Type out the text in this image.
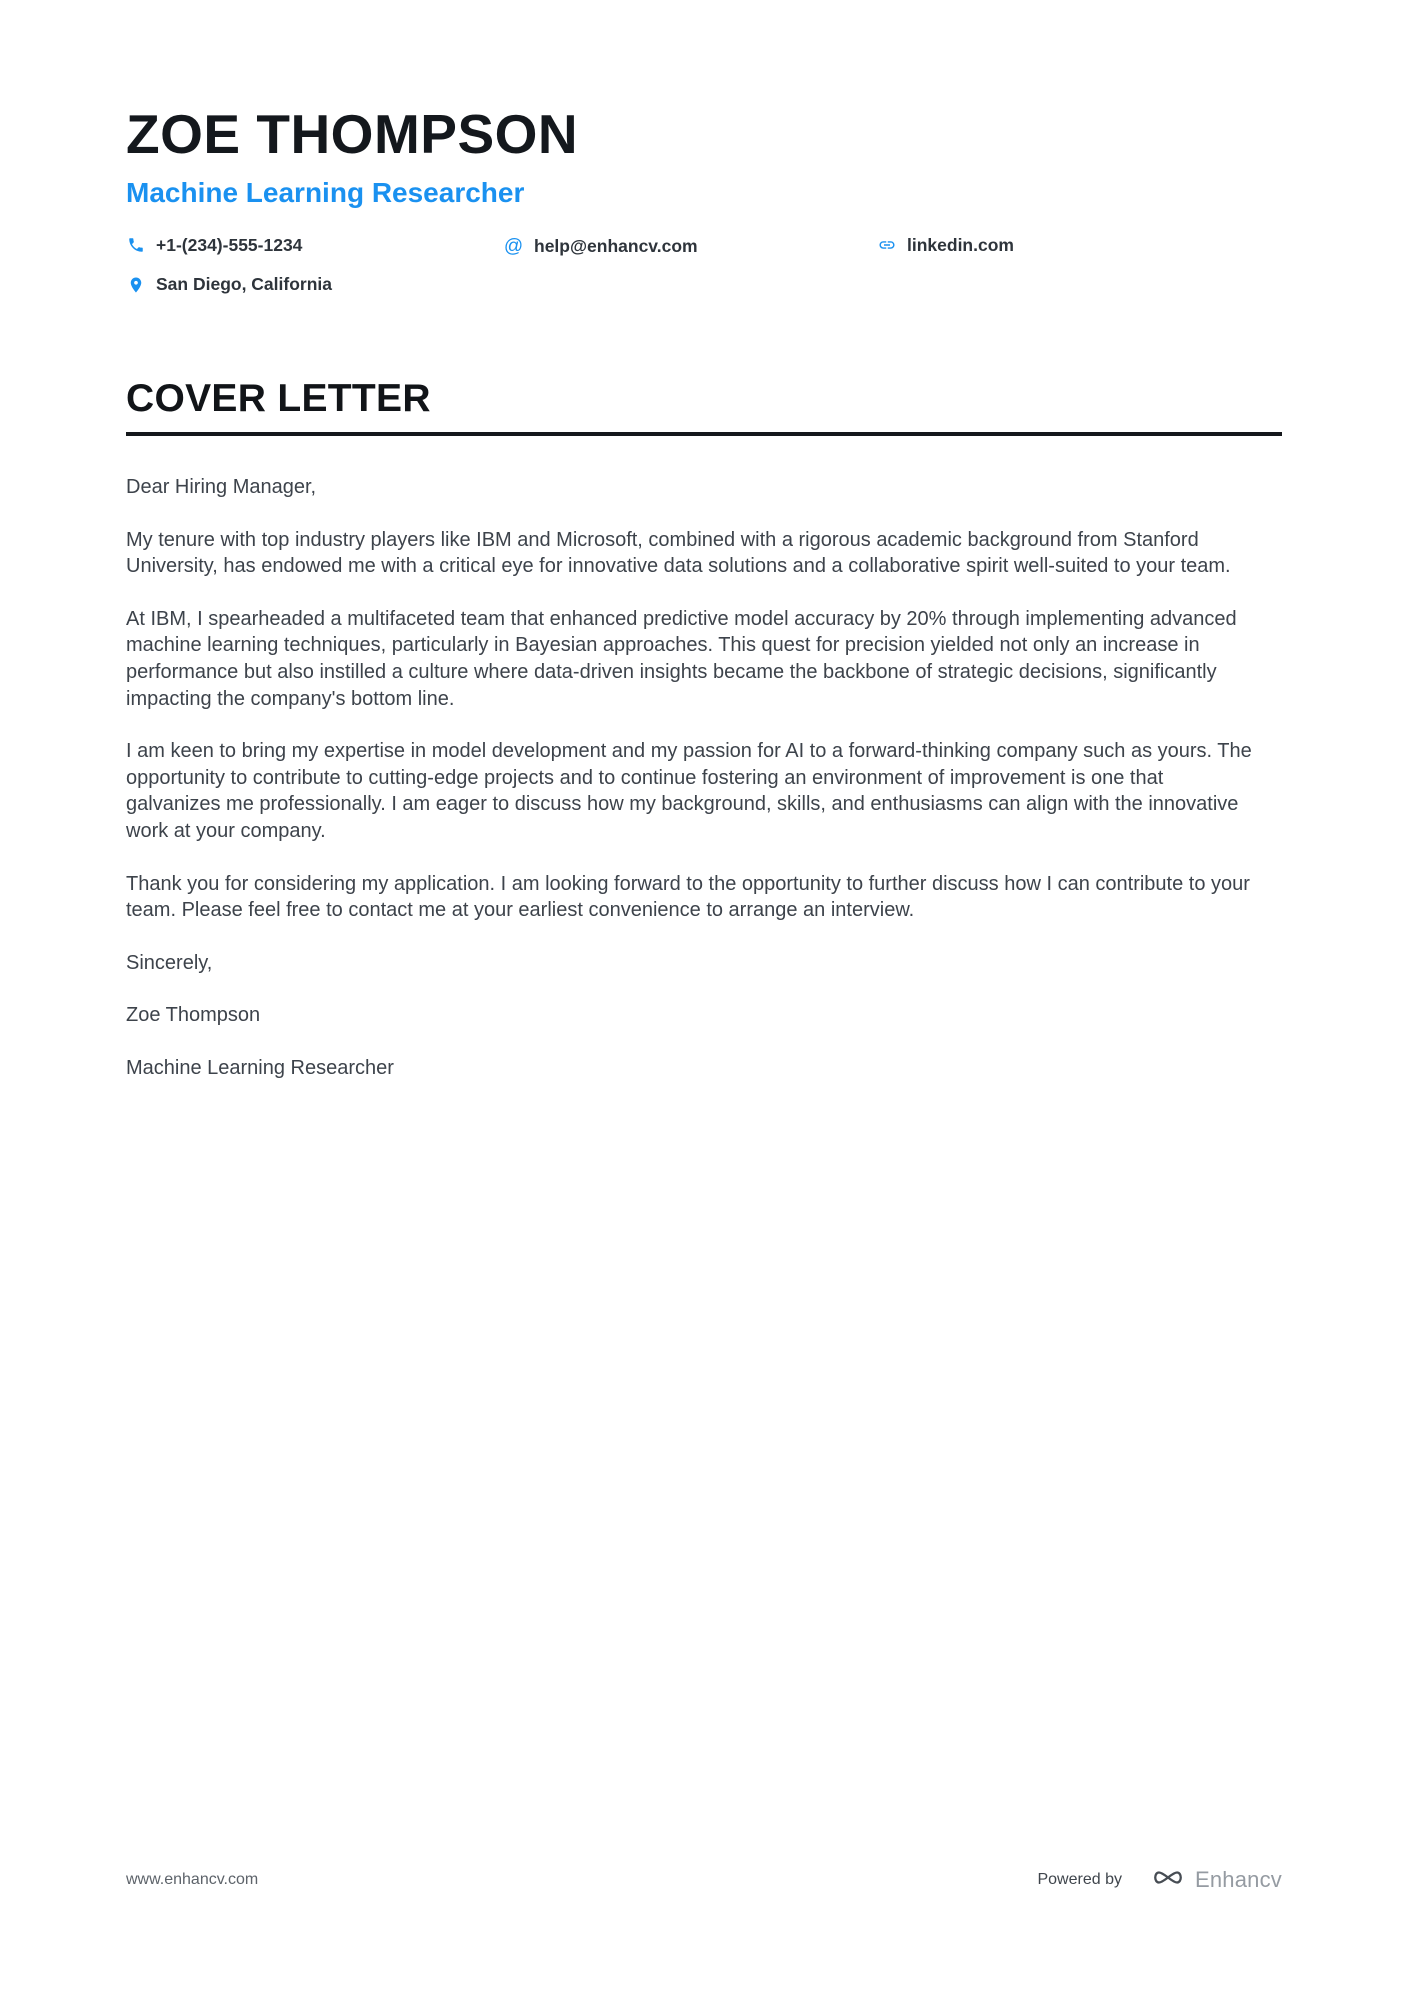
ZOE THOMPSON
Machine Learning Researcher
+1-(234)-555-1234	@ help@enhancv.com	linkedin.com
San Diego, California
COVER LETTER

Dear Hiring Manager,

My tenure with top industry players like IBM and Microsoft, combined with a rigorous academic background from Stanford University, has endowed me with a critical eye for innovative data solutions and a collaborative spirit well-suited to your team.

At IBM, I spearheaded a multifaceted team that enhanced predictive model accuracy by 20% through implementing advanced machine learning techniques, particularly in Bayesian approaches. This quest for precision yielded not only an increase in performance but also instilled a culture where data-driven insights became the backbone of strategic decisions, significantly impacting the company's bottom line.

I am keen to bring my expertise in model development and my passion for AI to a forward-thinking company such as yours. The opportunity to contribute to cutting-edge projects and to continue fostering an environment of improvement is one that galvanizes me professionally. I am eager to discuss how my background, skills, and enthusiasms can align with the innovative work at your company.

Thank you for considering my application. I am looking forward to the opportunity to further discuss how I can contribute to your team. Please feel free to contact me at your earliest convenience to arrange an interview.

Sincerely,

Zoe Thompson

Machine Learning Researcher

www.enhancv.com	Powered by	Enhancv
